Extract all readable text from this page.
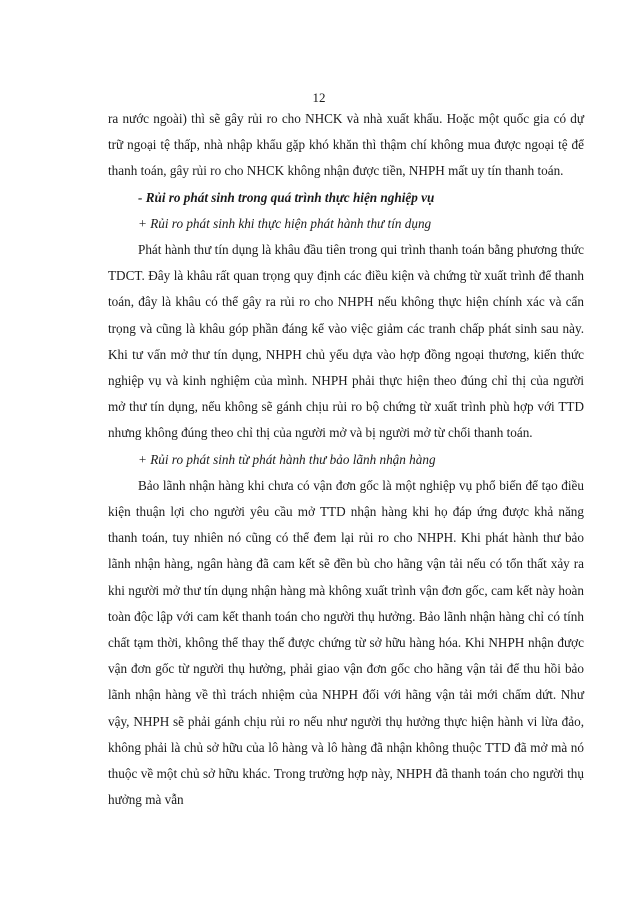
12

ra nước ngoài) thì sẽ gây rủi ro cho NHCK và nhà xuất khẩu. Hoặc một quốc gia có dự trữ ngoại tệ thấp, nhà nhập khẩu gặp khó khăn thì thậm chí không mua được ngoại tệ để thanh toán, gây rủi ro cho NHCK không nhận được tiền, NHPH mất uy tín thanh toán.

- Rủi ro phát sinh trong quá trình thực hiện nghiệp vụ

+ Rủi ro phát sinh khi thực hiện phát hành thư tín dụng

Phát hành thư tín dụng là khâu đầu tiên trong qui trình thanh toán bằng phương thức TDCT. Đây là khâu rất quan trọng quy định các điều kiện và chứng từ xuất trình để thanh toán, đây là khâu có thể gây ra rủi ro cho NHPH nếu không thực hiện chính xác và cẩn trọng và cũng là khâu góp phần đáng kể vào việc giảm các tranh chấp phát sinh sau này. Khi tư vấn mở thư tín dụng, NHPH chủ yếu dựa vào hợp đồng ngoại thương, kiến thức nghiệp vụ và kinh nghiệm của mình. NHPH phải thực hiện theo đúng chỉ thị của người mở thư tín dụng, nếu không sẽ gánh chịu rủi ro bộ chứng từ xuất trình phù hợp với TTD nhưng không đúng theo chỉ thị của người mở và bị người mở từ chối thanh toán.

+ Rủi ro phát sinh từ phát hành thư bảo lãnh nhận hàng

Bảo lãnh nhận hàng khi chưa có vận đơn gốc là một nghiệp vụ phổ biến để tạo điều kiện thuận lợi cho người yêu cầu mở TTD nhận hàng khi họ đáp ứng được khả năng thanh toán, tuy nhiên nó cũng có thể đem lại rủi ro cho NHPH. Khi phát hành thư bảo lãnh nhận hàng, ngân hàng đã cam kết sẽ đền bù cho hãng vận tải nếu có tổn thất xảy ra khi người mở thư tín dụng nhận hàng mà không xuất trình vận đơn gốc, cam kết này hoàn toàn độc lập với cam kết thanh toán cho người thụ hưởng. Bảo lãnh nhận hàng chỉ có tính chất tạm thời, không thể thay thế được chứng từ sở hữu hàng hóa. Khi NHPH nhận được vận đơn gốc từ người thụ hưởng, phải giao vận đơn gốc cho hãng vận tải để thu hồi bảo lãnh nhận hàng về thì trách nhiệm của NHPH đối với hãng vận tải mới chấm dứt. Như vậy, NHPH sẽ phải gánh chịu rủi ro nếu như người thụ hưởng thực hiện hành vi lừa đảo, không phải là chủ sở hữu của lô hàng và lô hàng đã nhận không thuộc TTD đã mở mà nó thuộc về một chủ sở hữu khác. Trong trường hợp này, NHPH đã thanh toán cho người thụ hưởng mà vẫn
